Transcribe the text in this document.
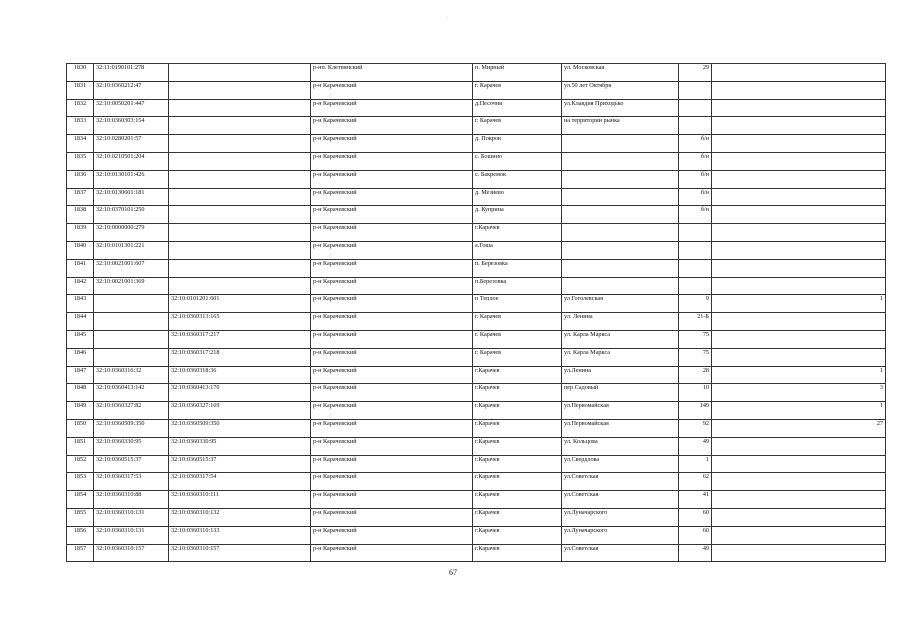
.
1830	32:11:0190101:278		р-нп. Клетнянский	п. Мирный	ул. Московская	29	
1831	32:10:0360212:47		р-н Карачевский	г. Карачев	ул.50 лет Октября		
1832	32:10:0050201:447		р-н Карачевский	д.Песочня	ул.Клавдия Приходько		
1833	32:10:0360303:154		р-н Карачевский	г. Карачев	на территории рынка		
1834	32:10:0280201:57		р-н Карачевский	д. Покров		б/н	
1835	32:10:0210501:204		р-н Карачевский	с. Бошино		б/н	
1836	32:10:0130101:426		р-н Карачевский	с. Бакремок		б/н	
1837	32:10:0130601:181		р-н Карачевский	д. Мезиево		б/н	
1838	32:10:0370101:250		р-н Карачевский	д. Куприна		б/н	
1839	32:10:0000000:279		р-н Карачевский	г.Карачев			
1840	32:10:0101301:221		р-н Карачевский	а.Гоша			
1841	32:10:0021001:607		р-н Карачевский	п. Березовка			
1842	32:10:0021001:369		р-н Карачевский	п.Березовка			
1843		32:10:0101201:601	р-н Карачевский	п Теплое	ул Гоголевская	9	1
1844		32:10:0360313:165	р-н Карачевский	г. Карачев	ул. Ленина	21-Б	
1845		32:10:0360317:217	р-н Карачевский	г. Карачев	ул. Карла Маркса	75	
1846		32:10:0360317:218	р-н Карачевский	г. Карачев	ул. Карла Маркса	75	
1847	32:10:0360316:32	32:10:0360318:36	р-н Карачевский	г.Карачев	ул.Ленина	28	1
1848	32:10:0360413:142	32:10:0360413:170	р-н Карачевский	г.Карачев	пер.Садовый	10	3
1849	32:10:0360327:82	32:10:0360327:169	р-н Карачевский	г.Карачев	ул.Первомайская	149	1
1850	32:10:0360509:350	32:10:0360509:350	р-н Карачевский	г.Карачев	ул.Первомайская	92	27
1851	32:10:0360330:95	32:10:0360330:95	р-н Карачевский	г.Карачев	ул. Кольцова	49	
1852	32:10:0360515:37	32:10:0360515:37	р-н Карачевский	г.Карачев	ул.Свердлова	1	
1853	32:10:0360317:53	32:10:0360317:54	р-н Карачевский	г.Карачев	ул.Советская	62	
1854	32:10:0360310:88	32:10:0360310:111	р-н Карачевский	г.Карачев	ул.Советская	41	
1855	32:10:0360310:131	32:10:0360310:132	р-н Карачевский	г.Карачев	ул.Луначарского	60	
1856	32:10:0360310:131	32:10:0360310:133	р-н Карачевский	г.Карачев	ул.Луначарского	60	
1857	32:10:0360310:157	32:10:0360310:157	р-н Карачевский	г.Карачев	ул.Советская	49	
67
